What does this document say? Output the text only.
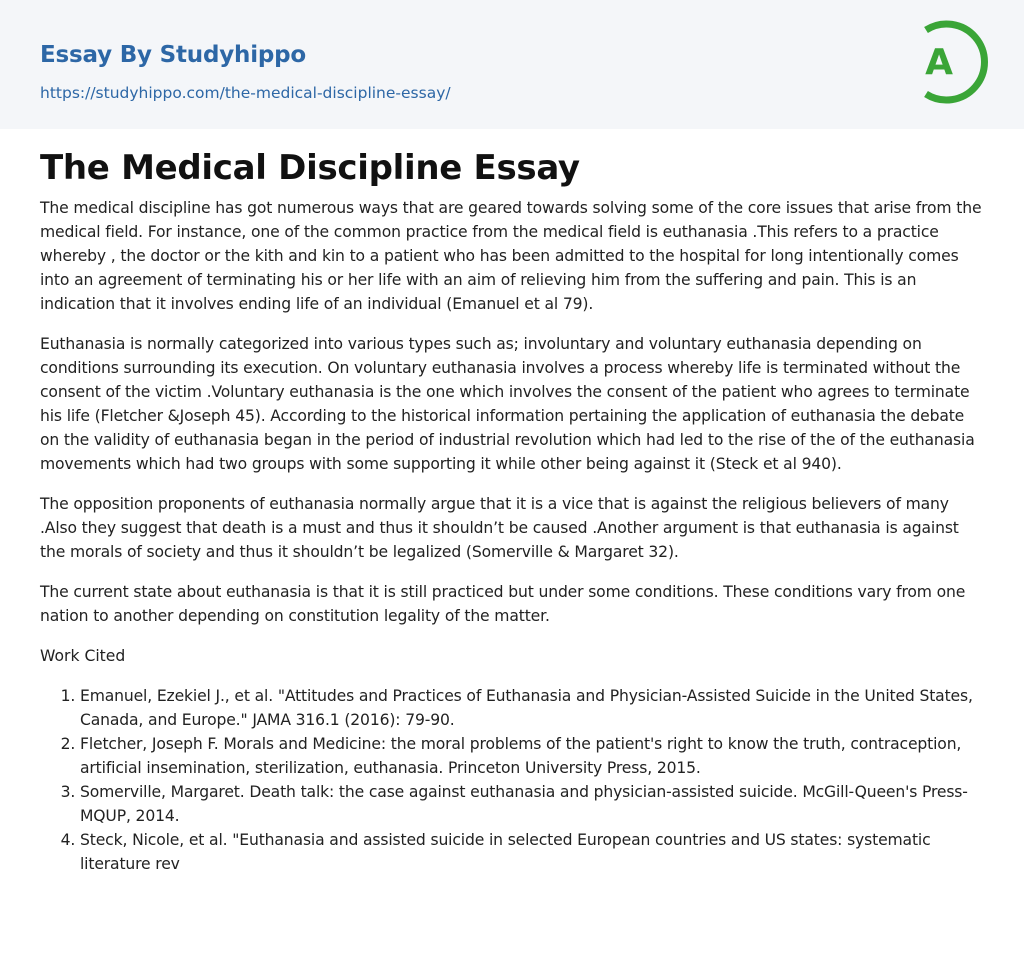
Essay By Studyhippo
https://studyhippo.com/the-medical-discipline-essay/
A
The Medical Discipline Essay

The medical discipline has got numerous ways that are geared towards solving some of the core issues that arise from the medical field. For instance, one of the common practice from the medical field is euthanasia .This refers to a practice whereby , the doctor or the kith and kin to a patient who has been admitted to the hospital for long intentionally comes into an agreement of terminating his or her life with an aim of relieving him from the suffering and pain. This is an indication that it involves ending life of an individual (Emanuel et al 79).

Euthanasia is normally categorized into various types such as; involuntary and voluntary euthanasia depending on conditions surrounding its execution. On voluntary euthanasia involves a process whereby life is terminated without the consent of the victim .Voluntary euthanasia is the one which involves the consent of the patient who agrees to terminate his life (Fletcher &Joseph 45). According to the historical information pertaining the application of euthanasia the debate on the validity of euthanasia began in the period of industrial revolution which had led to the rise of the of the euthanasia movements which had two groups with some supporting it while other being against it (Steck et al 940).

The opposition proponents of euthanasia normally argue that it is a vice that is against the religious believers of many .Also they suggest that death is a must and thus it shouldn’t be caused .Another argument is that euthanasia is against the morals of society and thus it shouldn’t be legalized (Somerville & Margaret 32).

The current state about euthanasia is that it is still practiced but under some conditions. These conditions vary from one nation to another depending on constitution legality of the matter.

Work Cited

1. Emanuel, Ezekiel J., et al. "Attitudes and Practices of Euthanasia and Physician-Assisted Suicide in the United States, Canada, and Europe." JAMA 316.1 (2016): 79-90.
2. Fletcher, Joseph F. Morals and Medicine: the moral problems of the patient's right to know the truth, contraception, artificial insemination, sterilization, euthanasia. Princeton University Press, 2015.
3. Somerville, Margaret. Death talk: the case against euthanasia and physician-assisted suicide. McGill-Queen's Press-MQUP, 2014.
4. Steck, Nicole, et al. "Euthanasia and assisted suicide in selected European countries and US states: systematic literature rev
